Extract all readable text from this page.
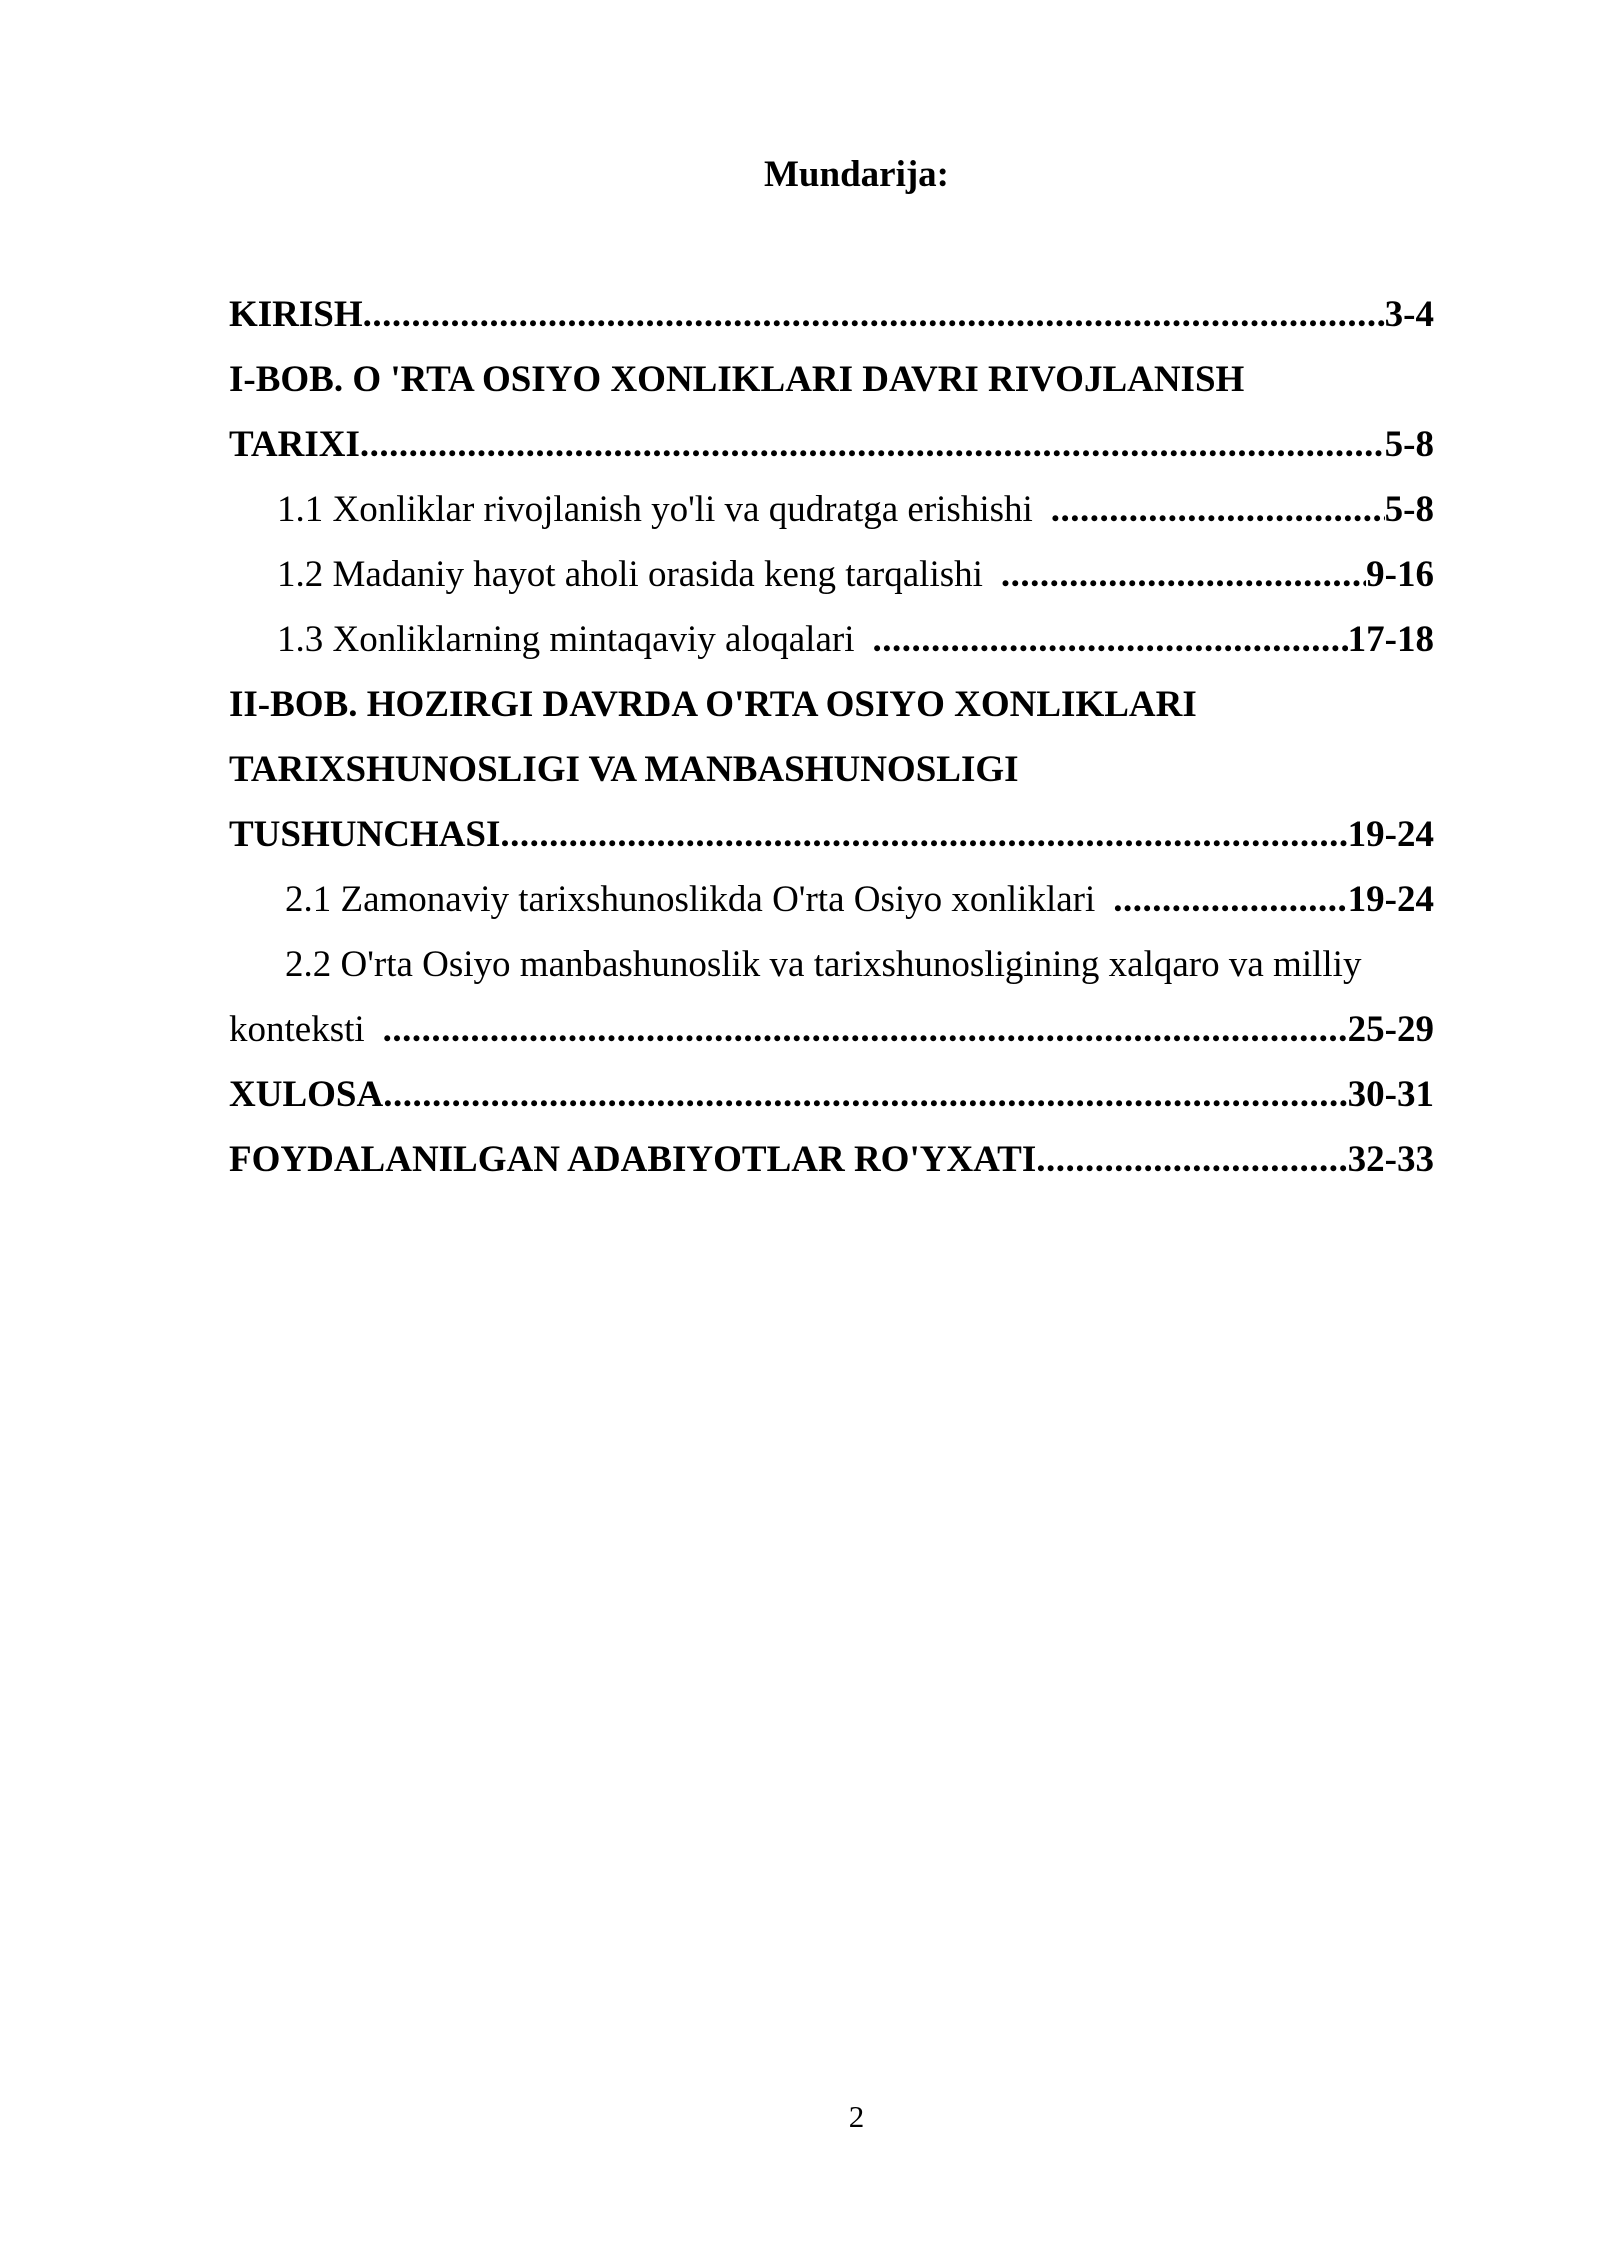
Mundarija:
KIRISH .....	3-4
I-BOB. O 'RTA OSIYO XONLIKLARI DAVRI RIVOJLANISH
TARIXI .....	5-8
1.1 Xonliklar rivojlanish yo'li va qudratga erishishi .....	5-8
1.2 Madaniy hayot aholi orasida keng tarqalishi .....	9-16
1.3 Xonliklarning mintaqaviy aloqalari .....	17-18
II-BOB. HOZIRGI DAVRDA O'RTA OSIYO XONLIKLARI
TARIXSHUNOSLIGI VA MANBASHUNOSLIGI
TUSHUNCHASI .....	19-24
2.1 Zamonaviy tarixshunoslikda O'rta Osiyo xonliklari .....	19-24
2.2 O'rta Osiyo manbashunoslik va tarixshunosligining xalqaro va milliy
konteksti .....	25-29
XULOSA .....	30-31
FOYDALANILGAN ADABIYOTLAR RO'YXATI .....	32-33
2
